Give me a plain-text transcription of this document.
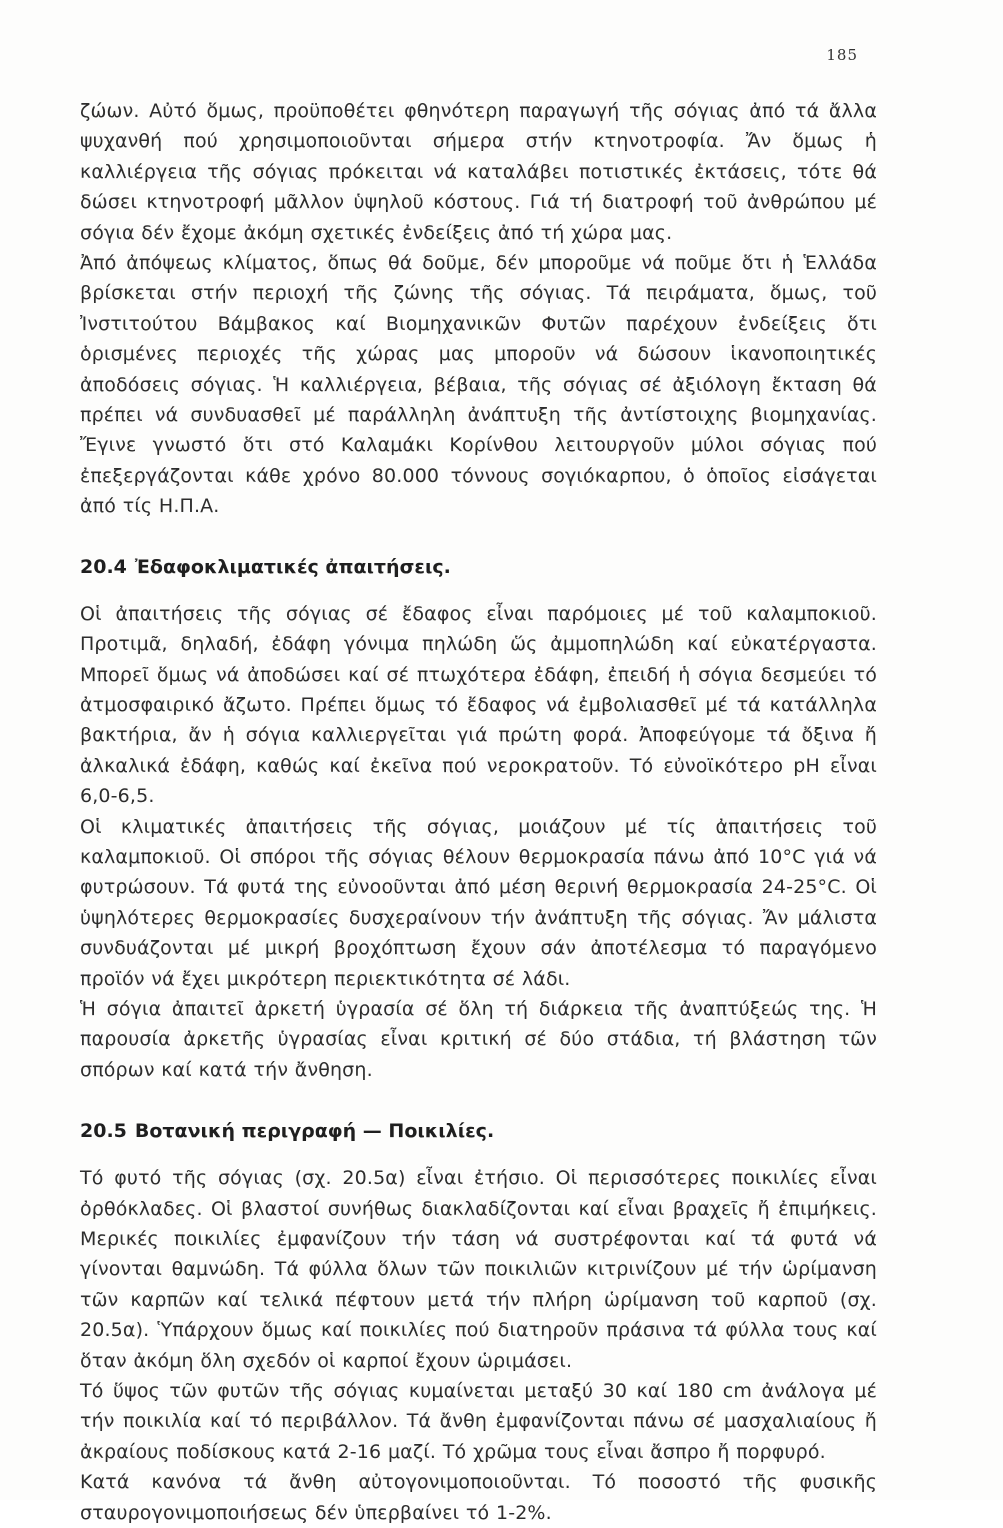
185

ζώων. Αὐτό ὅμως, προϋποθέτει φθηνότερη παραγωγή τῆς σόγιας ἀπό τά ἄλλα ψυχανθή πού χρησιμοποιοῦνται σήμερα στήν κτηνοτροφία. Ἄν ὅμως ἡ καλλιέργεια τῆς σόγιας πρόκειται νά καταλάβει ποτιστικές ἐκτάσεις, τότε θά δώσει κτηνοτροφή μᾶλλον ὑψηλοῦ κόστους. Γιά τή διατροφή τοῦ ἀνθρώπου μέ σόγια δέν ἔχομε ἀκόμη σχετικές ἐνδείξεις ἀπό τή χώρα μας.

Ἀπό ἀπόψεως κλίματος, ὅπως θά δοῦμε, δέν μποροῦμε νά ποῦμε ὅτι ἡ Ἑλλάδα βρίσκεται στήν περιοχή τῆς ζώνης τῆς σόγιας. Τά πειράματα, ὅμως, τοῦ Ἰνστιτούτου Βάμβακος καί Βιομηχανικῶν Φυτῶν παρέχουν ἐνδείξεις ὅτι ὁρισμένες περιοχές τῆς χώρας μας μποροῦν νά δώσουν ἱκανοποιητικές ἀποδόσεις σόγιας. Ἡ καλλιέργεια, βέβαια, τῆς σόγιας σέ ἀξιόλογη ἔκταση θά πρέπει νά συνδυασθεῖ μέ παράλληλη ἀνάπτυξη τῆς ἀντίστοιχης βιομηχανίας. Ἔγινε γνωστό ὅτι στό Καλαμάκι Κορίνθου λειτουργοῦν μύλοι σόγιας πού ἐπεξεργάζονται κάθε χρόνο 80.000 τόννους σογιόκαρπου, ὁ ὁποῖος εἰσάγεται ἀπό τίς Η.Π.Α.

20.4 Ἐδαφοκλιματικές ἀπαιτήσεις.

Οἱ ἀπαιτήσεις τῆς σόγιας σέ ἔδαφος εἶναι παρόμοιες μέ τοῦ καλαμποκιοῦ. Προτιμᾶ, δηλαδή, ἐδάφη γόνιμα πηλώδη ὥς ἀμμοπηλώδη καί εὐκατέργαστα. Μπορεῖ ὅμως νά ἀποδώσει καί σέ πτωχότερα ἐδάφη, ἐπειδή ἡ σόγια δεσμεύει τό ἀτμοσφαιρικό ἄζωτο. Πρέπει ὅμως τό ἔδαφος νά ἐμβολιασθεῖ μέ τά κατάλληλα βακτήρια, ἄν ἡ σόγια καλλιεργεῖται γιά πρώτη φορά. Ἀποφεύγομε τά ὄξινα ἤ ἀλκαλικά ἐδάφη, καθώς καί ἐκεῖνα πού νεροκρατοῦν. Τό εὐνοϊκότερο pH εἶναι 6,0-6,5.

Οἱ κλιματικές ἀπαιτήσεις τῆς σόγιας, μοιάζουν μέ τίς ἀπαιτήσεις τοῦ καλαμποκιοῦ. Οἱ σπόροι τῆς σόγιας θέλουν θερμοκρασία πάνω ἀπό 10°C γιά νά φυτρώσουν. Τά φυτά της εὐνοοῦνται ἀπό μέση θερινή θερμοκρασία 24-25°C. Οἱ ὑψηλότερες θερμοκρασίες δυσχεραίνουν τήν ἀνάπτυξη τῆς σόγιας. Ἄν μάλιστα συνδυάζονται μέ μικρή βροχόπτωση ἔχουν σάν ἀποτέλεσμα τό παραγόμενο προϊόν νά ἔχει μικρότερη περιεκτικότητα σέ λάδι.

Ἡ σόγια ἀπαιτεῖ ἀρκετή ὑγρασία σέ ὅλη τή διάρκεια τῆς ἀναπτύξεώς της. Ἡ παρουσία ἀρκετῆς ὑγρασίας εἶναι κριτική σέ δύο στάδια, τή βλάστηση τῶν σπόρων καί κατά τήν ἄνθηση.

20.5 Βοτανική περιγραφή — Ποικιλίες.

Τό φυτό τῆς σόγιας (σχ. 20.5α) εἶναι ἐτήσιο. Οἱ περισσότερες ποικιλίες εἶναι ὀρθόκλαδες. Οἱ βλαστοί συνήθως διακλαδίζονται καί εἶναι βραχεῖς ἤ ἐπιμήκεις. Μερικές ποικιλίες ἐμφανίζουν τήν τάση νά συστρέφονται καί τά φυτά νά γίνονται θαμνώδη. Τά φύλλα ὅλων τῶν ποικιλιῶν κιτρινίζουν μέ τήν ὡρίμανση τῶν καρπῶν καί τελικά πέφτουν μετά τήν πλήρη ὡρίμανση τοῦ καρποῦ (σχ. 20.5α). Ὑπάρχουν ὅμως καί ποικιλίες πού διατηροῦν πράσινα τά φύλλα τους καί ὅταν ἀκόμη ὅλη σχεδόν οἱ καρποί ἔχουν ὡριμάσει.

Τό ὕψος τῶν φυτῶν τῆς σόγιας κυμαίνεται μεταξύ 30 καί 180 cm ἀνάλογα μέ τήν ποικιλία καί τό περιβάλλον. Τά ἄνθη ἐμφανίζονται πάνω σέ μασχαλιαίους ἤ ἀκραίους ποδίσκους κατά 2-16 μαζί. Τό χρῶμα τους εἶναι ἄσπρο ἤ πορφυρό.

Κατά κανόνα τά ἄνθη αὐτογονιμοποιοῦνται. Τό ποσοστό τῆς φυσικῆς σταυρογονιμοποιήσεως δέν ὑπερβαίνει τό 1-2%.
